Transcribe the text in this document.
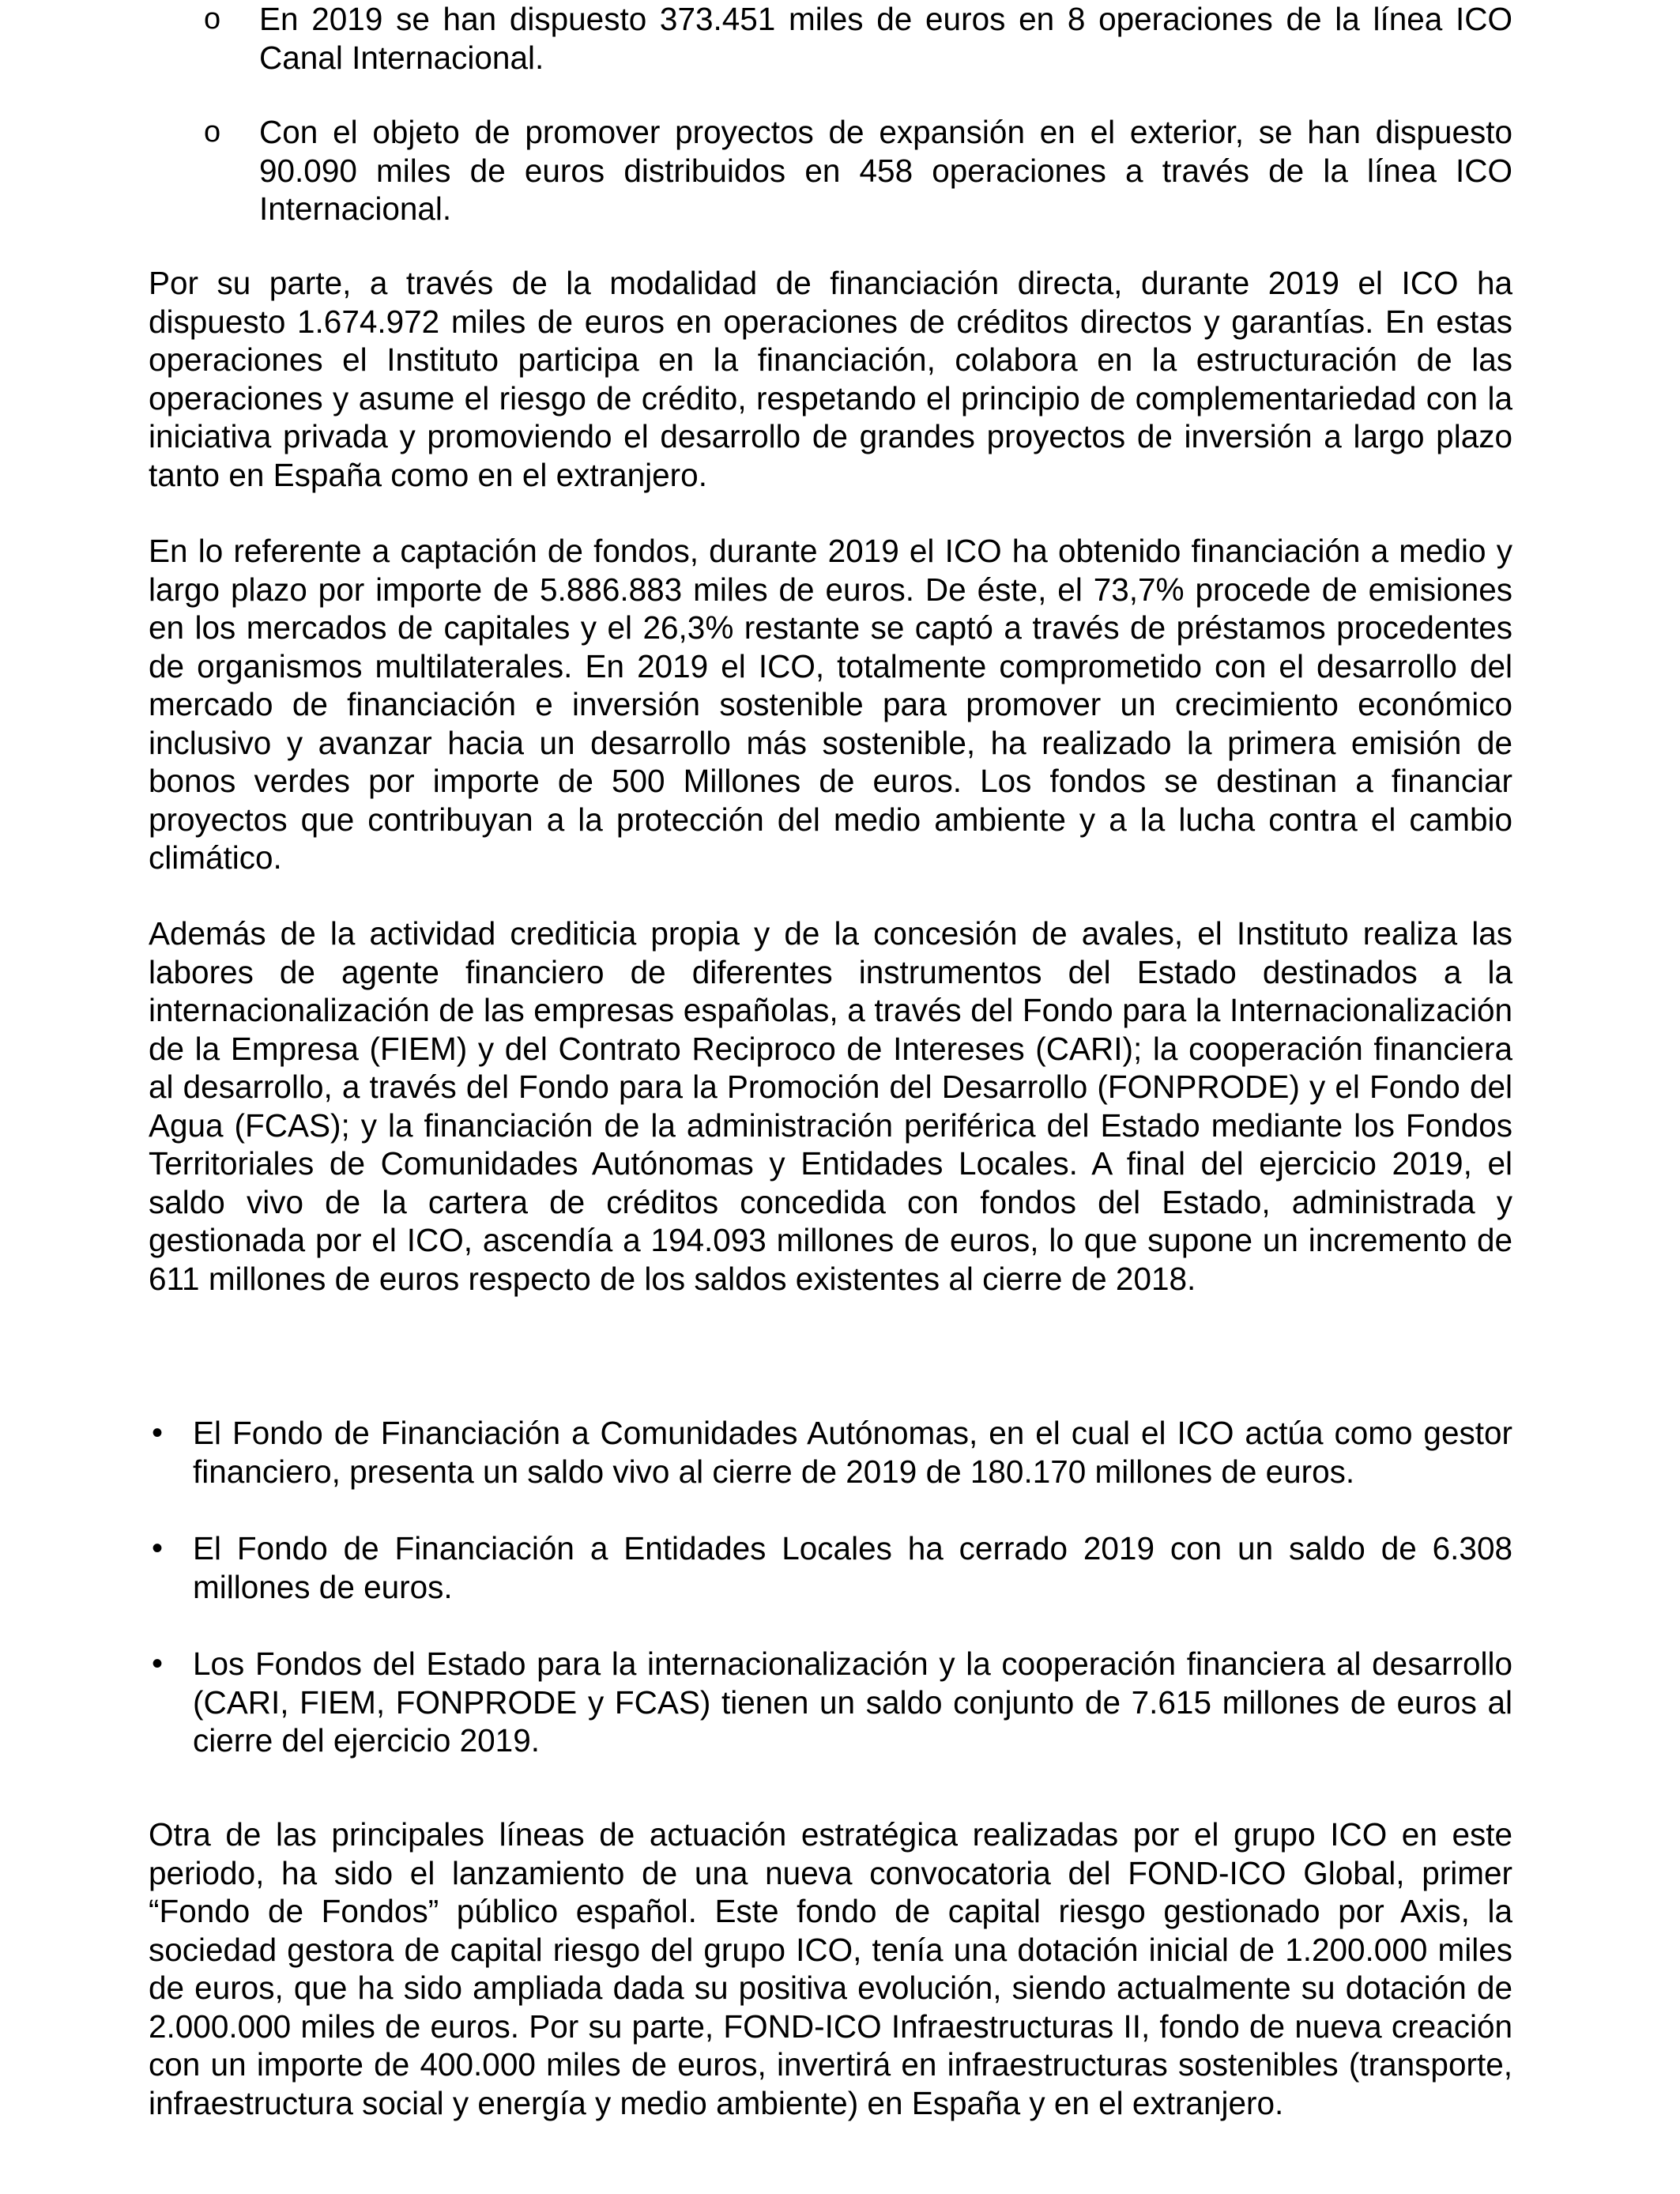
o En 2019 se han dispuesto 373.451 miles de euros en 8 operaciones de la línea ICO Canal Internacional.

o Con el objeto de promover proyectos de expansión en el exterior, se han dispuesto 90.090 miles de euros distribuidos en 458 operaciones a través de la línea ICO Internacional.

Por su parte, a través de la modalidad de financiación directa, durante 2019 el ICO ha dispuesto 1.674.972 miles de euros en operaciones de créditos directos y garantías. En estas operaciones el Instituto participa en la financiación, colabora en la estructuración de las operaciones y asume el riesgo de crédito, respetando el principio de complementariedad con la iniciativa privada y promoviendo el desarrollo de grandes proyectos de inversión a largo plazo tanto en España como en el extranjero.

En lo referente a captación de fondos, durante 2019 el ICO ha obtenido financiación a medio y largo plazo por importe de 5.886.883 miles de euros. De éste, el 73,7% procede de emisiones en los mercados de capitales y el 26,3% restante se captó a través de préstamos procedentes de organismos multilaterales. En 2019 el ICO, totalmente comprometido con el desarrollo del mercado de financiación e inversión sostenible para promover un crecimiento económico inclusivo y avanzar hacia un desarrollo más sostenible, ha realizado la primera emisión de bonos verdes por importe de 500 Millones de euros. Los fondos se destinan a financiar proyectos que contribuyan a la protección del medio ambiente y a la lucha contra el cambio climático.

Además de la actividad crediticia propia y de la concesión de avales, el Instituto realiza las labores de agente financiero de diferentes instrumentos del Estado destinados a la internacionalización de las empresas españolas, a través del Fondo para la Internacionalización de la Empresa (FIEM) y del Contrato Reciproco de Intereses (CARI); la cooperación financiera al desarrollo, a través del Fondo para la Promoción del Desarrollo (FONPRODE) y el Fondo del Agua (FCAS); y la financiación de la administración periférica del Estado mediante los Fondos Territoriales de Comunidades Autónomas y Entidades Locales. A final del ejercicio 2019, el saldo vivo de la cartera de créditos concedida con fondos del Estado, administrada y gestionada por el ICO, ascendía a 194.093 millones de euros, lo que supone un incremento de 611 millones de euros respecto de los saldos existentes al cierre de 2018.

• El Fondo de Financiación a Comunidades Autónomas, en el cual el ICO actúa como gestor financiero, presenta un saldo vivo al cierre de 2019 de 180.170 millones de euros.

• El Fondo de Financiación a Entidades Locales ha cerrado 2019 con un saldo de 6.308 millones de euros.

• Los Fondos del Estado para la internacionalización y la cooperación financiera al desarrollo (CARI, FIEM, FONPRODE y FCAS) tienen un saldo conjunto de 7.615 millones de euros al cierre del ejercicio 2019.

Otra de las principales líneas de actuación estratégica realizadas por el grupo ICO en este periodo, ha sido el lanzamiento de una nueva convocatoria del FOND-ICO Global, primer “Fondo de Fondos” público español. Este fondo de capital riesgo gestionado por Axis, la sociedad gestora de capital riesgo del grupo ICO, tenía una dotación inicial de 1.200.000 miles de euros, que ha sido ampliada dada su positiva evolución, siendo actualmente su dotación de 2.000.000 miles de euros. Por su parte, FOND-ICO Infraestructuras II, fondo de nueva creación con un importe de 400.000 miles de euros, invertirá en infraestructuras sostenibles (transporte, infraestructura social y energía y medio ambiente) en España y en el extranjero.
